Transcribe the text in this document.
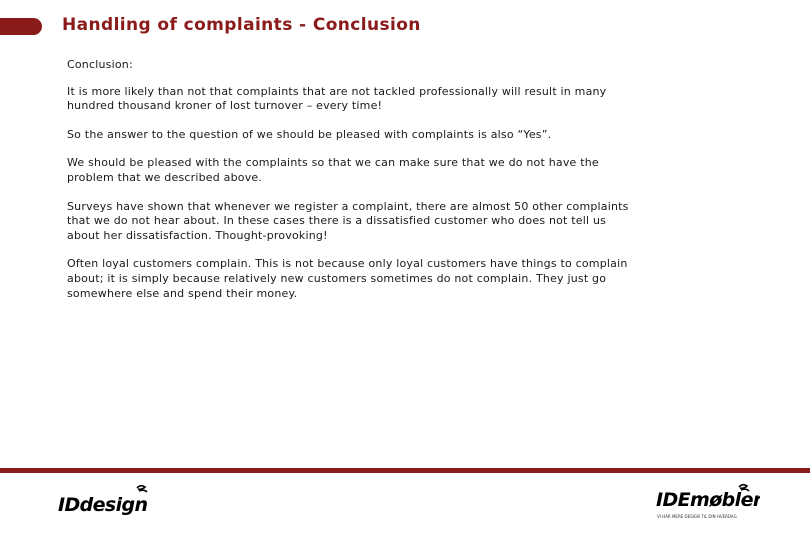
Handling of complaints - Conclusion

Conclusion:

It is more likely than not that complaints that are not tackled professionally will result in many hundred thousand kroner of lost turnover – every time!

So the answer to the question of we should be pleased with complaints is also “Yes”.

We should be pleased with the complaints so that we can make sure that we do not have the problem that we described above.

Surveys have shown that whenever we register a complaint, there are almost 50 other complaints that we do not hear about. In these cases there is a dissatisfied customer who does not tell us about her dissatisfaction. Thought-provoking!

Often loyal customers complain. This is not because only loyal customers have things to complain about; it is simply because relatively new customers sometimes do not complain. They just go somewhere else and spend their money.

IDdesign	IDEmøbler
VI HAR MERE DESIGN TIL DIN HVERDAG
